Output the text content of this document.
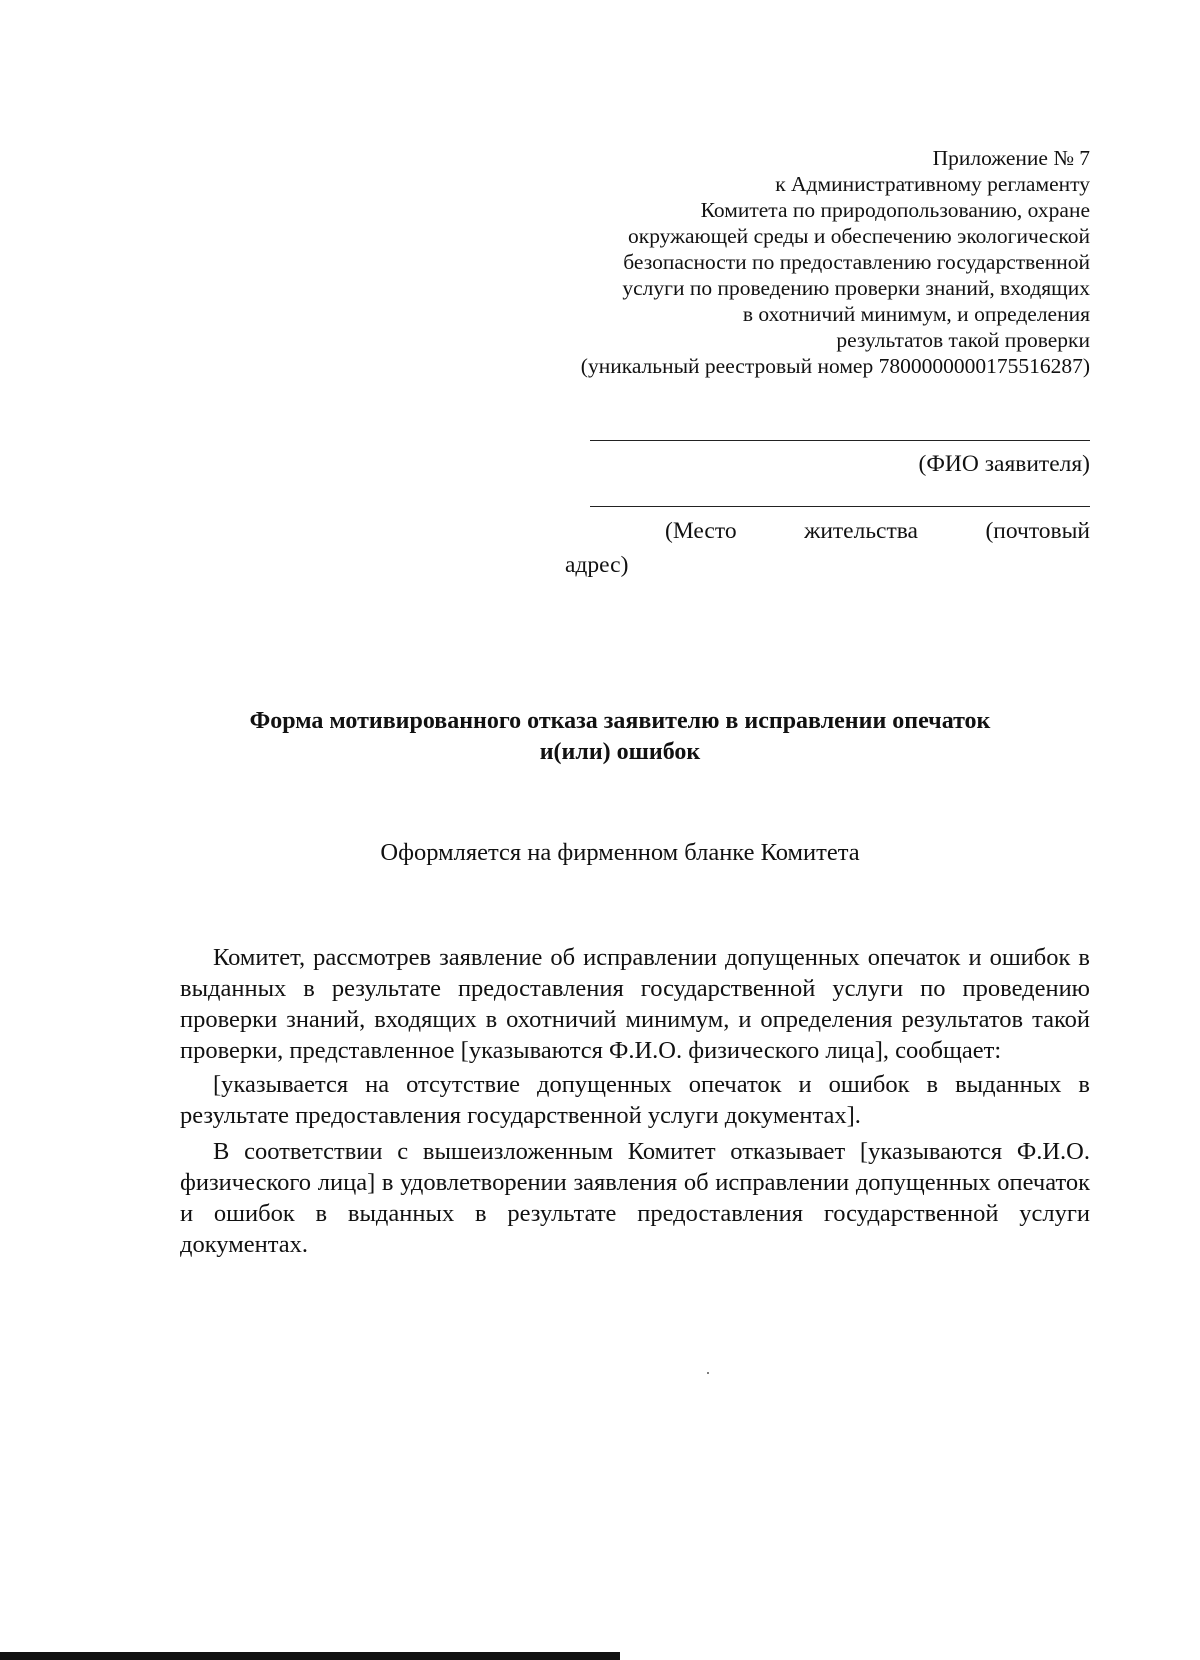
Приложение № 7
к Административному регламенту
Комитета по природопользованию, охране
окружающей среды и обеспечению экологической
безопасности по предоставлению государственной
услуги по проведению проверки знаний, входящих
в охотничий минимум, и определения
результатов такой проверки
(уникальный реестровый номер 7800000000175516287)
(ФИО заявителя)
(Место	жительства	(почтовый
адрес)
Форма мотивированного отказа заявителю в исправлении опечаток
и(или) ошибок
Оформляется на фирменном бланке Комитета

Комитет, рассмотрев заявление об исправлении допущенных опечаток и ошибок в выданных в результате предоставления государственной услуги по проведению проверки знаний, входящих в охотничий минимум, и определения результатов такой проверки, представленное [указываются Ф.И.О. физического лица], сообщает:

[указывается на отсутствие допущенных опечаток и ошибок в выданных в результате предоставления государственной услуги документах].

В соответствии с вышеизложенным Комитет отказывает [указываются Ф.И.О. физического лица] в удовлетворении заявления об исправлении допущенных опечаток и ошибок в выданных в результате предоставления государственной услуги документах.
